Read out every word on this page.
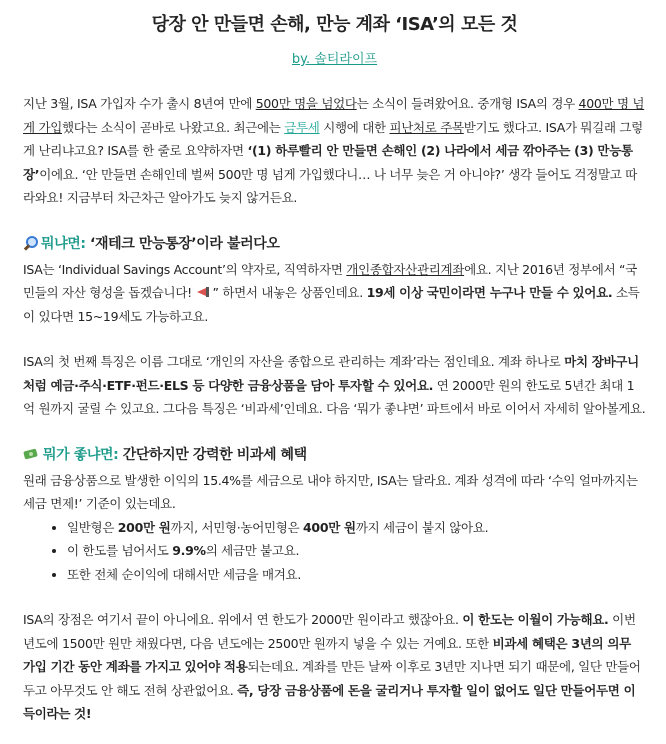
당장 안 만들면 손해, 만능 계좌 ‘ISA’의 모든 것
by. 솔티라이프

지난 3월, ISA 가입자 수가 출시 8년여 만에 500만 명을 넘었다는 소식이 들려왔어요. 중개형 ISA의 경우 400만 명 넘게 가입했다는 소식이 곧바로 나왔고요. 최근에는 금투세 시행에 대한 피난처로 주목받기도 했다고. ISA가 뭐길래 그렇게 난리냐고요? ISA를 한 줄로 요약하자면 ‘(1) 하루빨리 안 만들면 손해인 (2) 나라에서 세금 깎아주는 (3) 만능통장’이에요. ‘안 만들면 손해인데 벌써 500만 명 넘게 가입했다니… 나 너무 늦은 거 아니야?’ 생각 들어도 걱정말고 따라와요! 지금부터 차근차근 알아가도 늦지 않거든요.

뭐냐면: ‘재테크 만능통장’이라 불러다오

ISA는 ‘Individual Savings Account’의 약자로, 직역하자면 개인종합자산관리계좌에요. 지난 2016년 정부에서 “국민들의 자산 형성을 돕겠습니다! ” 하면서 내놓은 상품인데요. 19세 이상 국민이라면 누구나 만들 수 있어요. 소득이 있다면 15~19세도 가능하고요.

ISA의 첫 번째 특징은 이름 그대로 ‘개인의 자산을 종합으로 관리하는 계좌’라는 점인데요. 계좌 하나로 마치 장바구니처럼 예금·주식·ETF·펀드·ELS 등 다양한 금융상품을 담아 투자할 수 있어요. 연 2000만 원의 한도로 5년간 최대 1억 원까지 굴릴 수 있고요. 그다음 특징은 ‘비과세’인데요. 다음 ‘뭐가 좋냐면’ 파트에서 바로 이어서 자세히 알아볼게요.

뭐가 좋냐면: 간단하지만 강력한 비과세 혜택

원래 금융상품으로 발생한 이익의 15.4%를 세금으로 내야 하지만, ISA는 달라요. 계좌 성격에 따라 ‘수익 얼마까지는 세금 면제!’ 기준이 있는데요.

• 일반형은 200만 원까지, 서민형·농어민형은 400만 원까지 세금이 붙지 않아요.
• 이 한도를 넘어서도 9.9%의 세금만 붙고요.
• 또한 전체 순이익에 대해서만 세금을 매겨요.

ISA의 장점은 여기서 끝이 아니에요. 위에서 연 한도가 2000만 원이라고 했잖아요. 이 한도는 이월이 가능해요. 이번 년도에 1500만 원만 채웠다면, 다음 년도에는 2500만 원까지 넣을 수 있는 거예요. 또한 비과세 혜택은 3년의 의무 가입 기간 동안 계좌를 가지고 있어야 적용되는데요. 계좌를 만든 날짜 이후로 3년만 지나면 되기 때문에, 일단 만들어두고 아무것도 안 해도 전혀 상관없어요. 즉, 당장 금융상품에 돈을 굴리거나 투자할 일이 없어도 일단 만들어두면 이득이라는 것!
